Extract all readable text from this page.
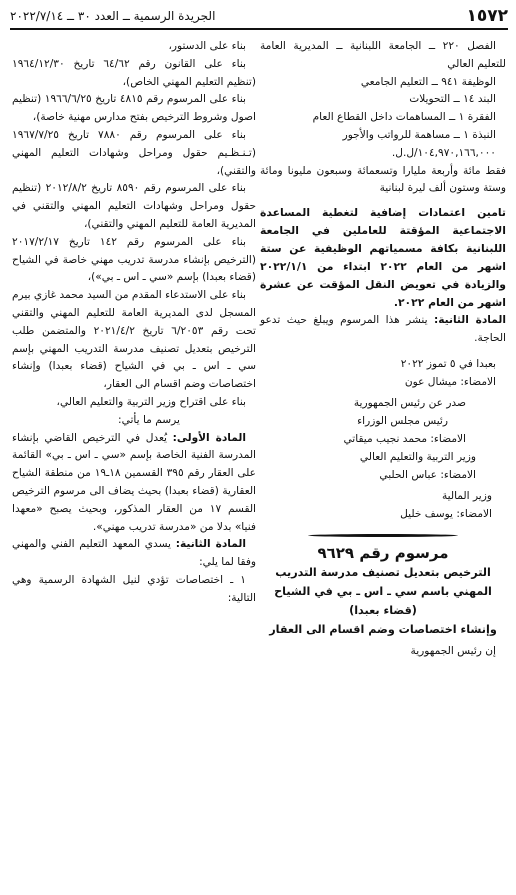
١٥٧٢
الجريدة الرسمية ــ العدد ٣٠ ــ ٢٠٢٢/٧/١٤

الفصل ٢٢٠ ــ الجامعة اللبنانية ــ المديرية العامة للتعليم العالي

الوظيفة ٩٤١ ــ التعليم الجامعي

البند ١٤ ــ التحويلات

الفقرة ١ ــ المساهمات داخل القطاع العام

النبذة ١ ــ مساهمة للرواتب والأجور

١٠٤,٩٧٠,١٦٦,٠٠٠/ل.ل.

فقط مائة وأربعة مليارا وتسعمائة وسبعون مليونا ومائة وستة وستون ألف ليرة لبنانية

تامين اعتمادات إضافية لتغطية المساعدة الاجتماعية المؤقتة للعاملين في الجامعة اللبنانية بكافة مسمياتهم الوظيفية عن ستة اشهر من العام ٢٠٢٢ ابتداء من ٢٠٢٢/١/١ والزيادة في تعويض النقل المؤقت عن عشرة اشهر من العام ٢٠٢٢.

المادة الثانية: ينشر هذا المرسوم ويبلغ حيث تدعو الحاجة.

بعبدا في ٥ تموز ٢٠٢٢

الامضاء: ميشال عون

صدر عن رئيس الجمهورية

رئيس مجلس الوزراء

الامضاء: محمد نجيب ميقاتي

وزير التربية والتعليم العالي

الامضاء: عباس الحلبي

وزير المالية

الامضاء: يوسف خليل

مرسوم رقم ٩٦٢٩

الترخيص بتعديل تصنيف مدرسة التدريب

المهني باسم سي ـ اس ـ بي في الشياح

(قضاء بعبدا)

وإنشاء اختصاصات وضم اقسام الى العقار

إن رئيس الجمهورية

بناء على الدستور،

بناء على القانون رقم ٦٤/٦٢ تاريخ ١٩٦٤/١٢/٣٠ (تنظيم التعليم المهني الخاص)،

بناء على المرسوم رقم ٤٨١٥ تاريخ ١٩٦٦/٦/٢٥ (تنظيم اصول وشروط الترخيص بفتح مدارس مهنية خاصة)،

بناء على المرسوم رقم ٧٨٨٠ تاريخ ١٩٦٧/٧/٢٥ (تـنـظـيم حقول ومراحل وشهادات التعليم المهني والتقني)،

بناء على المرسوم رقم ٨٥٩٠ تاريخ ٢٠١٢/٨/٢ (تنظيم حقول ومراحل وشهادات التعليم المهني والتقني في المديرية العامة للتعليم المهني والتقني)،

بناء على المرسوم رقم ١٤٢ تاريخ ٢٠١٧/٢/١٧ (الترخيص بإنشاء مدرسة تدريب مهني خاصة في الشياح (قضاء بعبدا) بإسم «سي ـ اس ـ بي»)،

بناء على الاستدعاء المقدم من السيد محمد غازي بيرم المسجل لدى المديرية العامة للتعليم المهني والتقني تحت رقم ٦/٢٠٥٣ تاريخ ٢٠٢١/٤/٢ والمتضمن طلب الترخيص بتعديل تصنيف مدرسة التدريب المهني بإسم سي ـ اس ـ بي في الشياح (قضاء بعبدا) وإنشاء اختصاصات وضم اقسام الى العقار،

بناء على اقتراح وزير التربية والتعليم العالي،

يرسم ما يأتي:

المادة الأولى: يُعدل في الترخيص القاضي بإنشاء المدرسة الفنية الخاصة بإسم «سي ـ اس ـ بي» القائمة على العقار رقم ٣٩٥ القسمين ١٨ـ١٩ من منطقة الشياح العقارية (قضاء بعبدا) بحيث يضاف الى مرسوم الترخيص القسم ١٧ من العقار المذكور، وبحيث يصبح «معهدا فنيا» بدلا من «مدرسة تدريب مهني».

المادة الثانية: يسدي المعهد التعليم الفني والمهني وفقا لما يلي:

١ ـ اختصاصات تؤدي لنيل الشهادة الرسمية وهي التالية:
